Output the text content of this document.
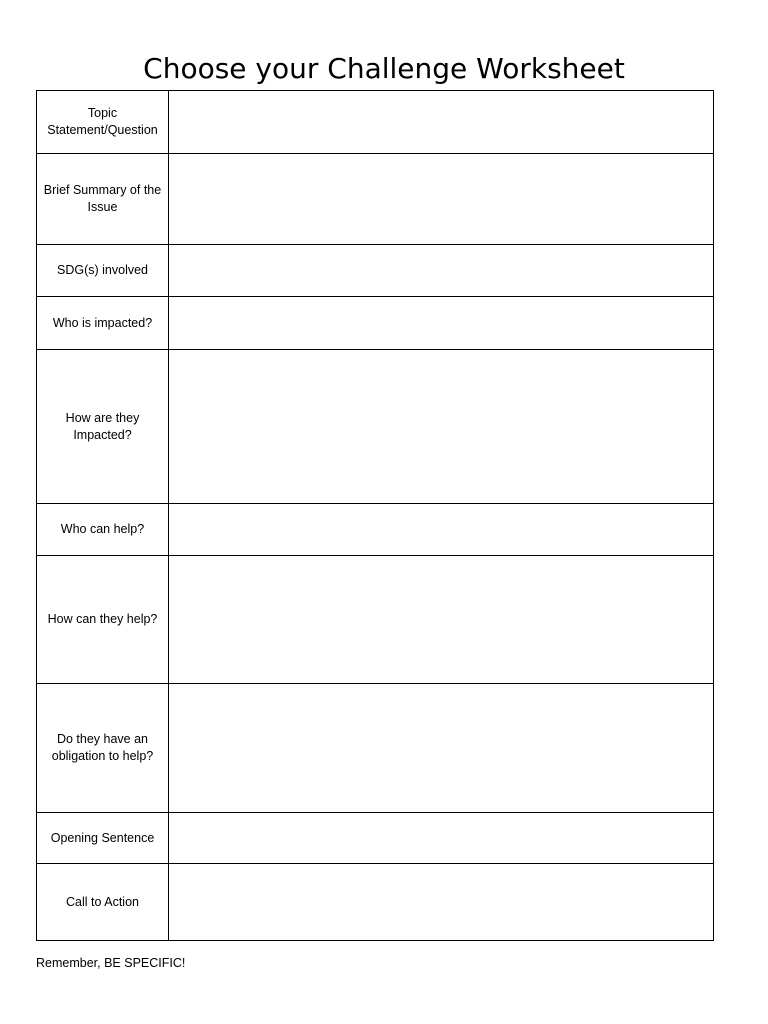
Choose your Challenge Worksheet
Topic Statement/Question	
Brief Summary of the Issue	
SDG(s) involved	
Who is impacted?	
How are they Impacted?	
Who can help?	
How can they help?	
Do they have an obligation to help?	
Opening Sentence	
Call to Action	
Remember, BE SPECIFIC!
